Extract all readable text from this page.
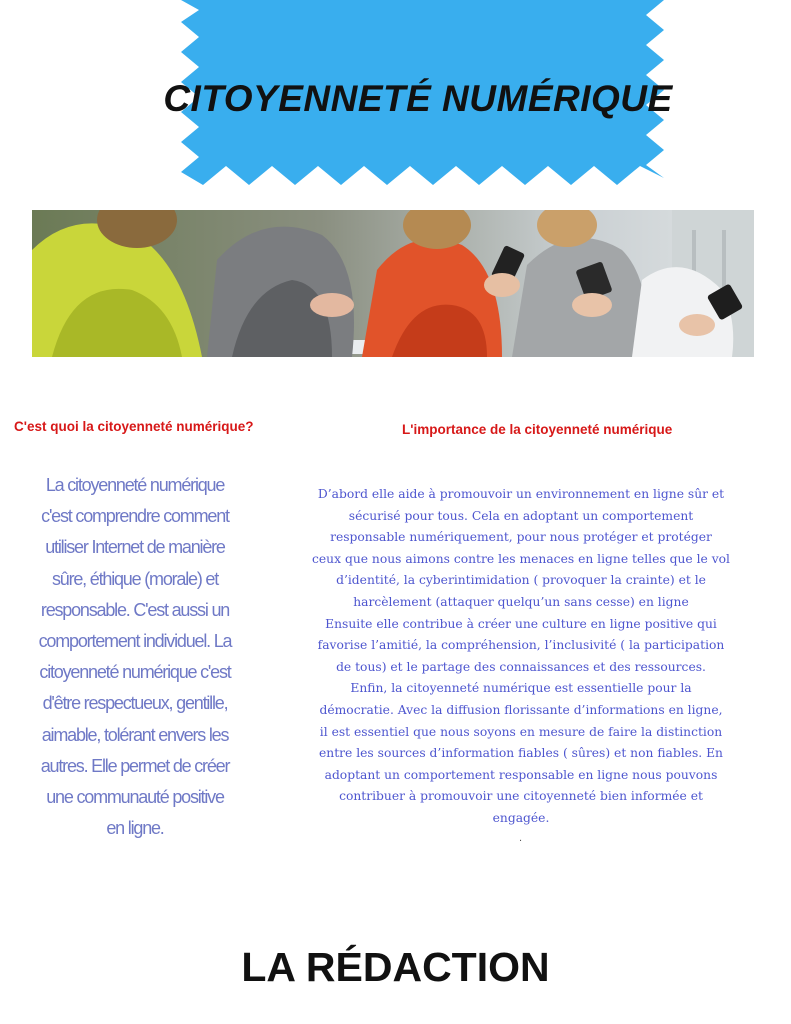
CITOYENNETÉ NUMÉRIQUE
C'est quoi la citoyenneté numérique?	L'importance de la citoyenneté numérique

La citoyenneté numérique
c'est comprendre comment
utiliser Internet de manière
sûre, éthique (morale) et
responsable. C'est aussi un
comportement individuel. La
citoyenneté numérique c'est
d'être respectueux, gentille,
aimable, tolérant envers les
autres. Elle permet de créer
une communauté positive
en ligne.

D’abord elle aide à promouvoir un environnement en ligne sûr et
sécurisé pour tous. Cela en adoptant un comportement
responsable numériquement, pour nous protéger et protéger
ceux que nous aimons contre les menaces en ligne telles que le vol
d’identité, la cyberintimidation ( provoquer la crainte) et le
harcèlement (attaquer quelqu’un sans cesse) en ligne
Ensuite elle contribue à créer une culture en ligne positive qui
favorise l’amitié, la compréhension, l’inclusivité ( la participation
de tous) et le partage des connaissances et des ressources.
Enfin, la citoyenneté numérique est essentielle pour la
démocratie. Avec la diffusion florissante d’informations en ligne,
il est essentiel que nous soyons en mesure de faire la distinction
entre les sources d’information fiables ( sûres) et non fiables. En
adoptant un comportement responsable en ligne nous pouvons
contribuer à promouvoir une citoyenneté bien informée et
engagée.

.
LA RÉDACTION
